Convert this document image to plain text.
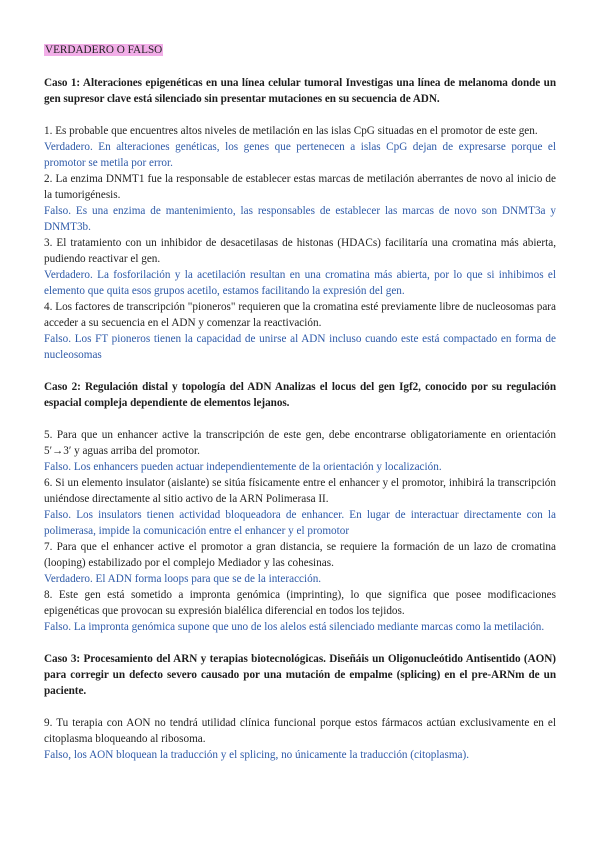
VERDADERO O FALSO

Caso 1: Alteraciones epigenéticas en una línea celular tumoral Investigas una línea de melanoma donde un gen supresor clave está silenciado sin presentar mutaciones en su secuencia de ADN.

1. Es probable que encuentres altos niveles de metilación en las islas CpG situadas en el promotor de este gen.

Verdadero. En alteraciones genéticas, los genes que pertenecen a islas CpG dejan de expresarse porque el promotor se metila por error.

2. La enzima DNMT1 fue la responsable de establecer estas marcas de metilación aberrantes de novo al inicio de la tumorigénesis.

Falso. Es una enzima de mantenimiento, las responsables de establecer las marcas de novo son DNMT3a y DNMT3b.

3. El tratamiento con un inhibidor de desacetilasas de histonas (HDACs) facilitaría una cromatina más abierta, pudiendo reactivar el gen.

Verdadero. La fosforilación y la acetilación resultan en una cromatina más abierta, por lo que si inhibimos el elemento que quita esos grupos acetilo, estamos facilitando la expresión del gen.

4. Los factores de transcripción "pioneros" requieren que la cromatina esté previamente libre de nucleosomas para acceder a su secuencia en el ADN y comenzar la reactivación.

Falso. Los FT pioneros tienen la capacidad de unirse al ADN incluso cuando este está compactado en forma de nucleosomas

Caso 2: Regulación distal y topología del ADN Analizas el locus del gen Igf2, conocido por su regulación espacial compleja dependiente de elementos lejanos.

5. Para que un enhancer active la transcripción de este gen, debe encontrarse obligatoriamente en orientación 5′→3′ y aguas arriba del promotor.

Falso. Los enhancers pueden actuar independientemente de la orientación y localización.

6. Si un elemento insulator (aislante) se sitúa físicamente entre el enhancer y el promotor, inhibirá la transcripción uniéndose directamente al sitio activo de la ARN Polimerasa II.

Falso. Los insulators tienen actividad bloqueadora de enhancer. En lugar de interactuar directamente con la polimerasa, impide la comunicación entre el enhancer y el promotor

7. Para que el enhancer active el promotor a gran distancia, se requiere la formación de un lazo de cromatina (looping) estabilizado por el complejo Mediador y las cohesinas.

Verdadero. El ADN forma loops para que se de la interacción.

8. Este gen está sometido a impronta genómica (imprinting), lo que significa que posee modificaciones epigenéticas que provocan su expresión bialélica diferencial en todos los tejidos.

Falso. La impronta genómica supone que uno de los alelos está silenciado mediante marcas como la metilación.

Caso 3: Procesamiento del ARN y terapias biotecnológicas. Diseñáis un Oligonucleótido Antisentido (AON) para corregir un defecto severo causado por una mutación de empalme (splicing) en el pre-ARNm de un paciente.

9. Tu terapia con AON no tendrá utilidad clínica funcional porque estos fármacos actúan exclusivamente en el citoplasma bloqueando al ribosoma.

Falso, los AON bloquean la traducción y el splicing, no únicamente la traducción (citoplasma).
